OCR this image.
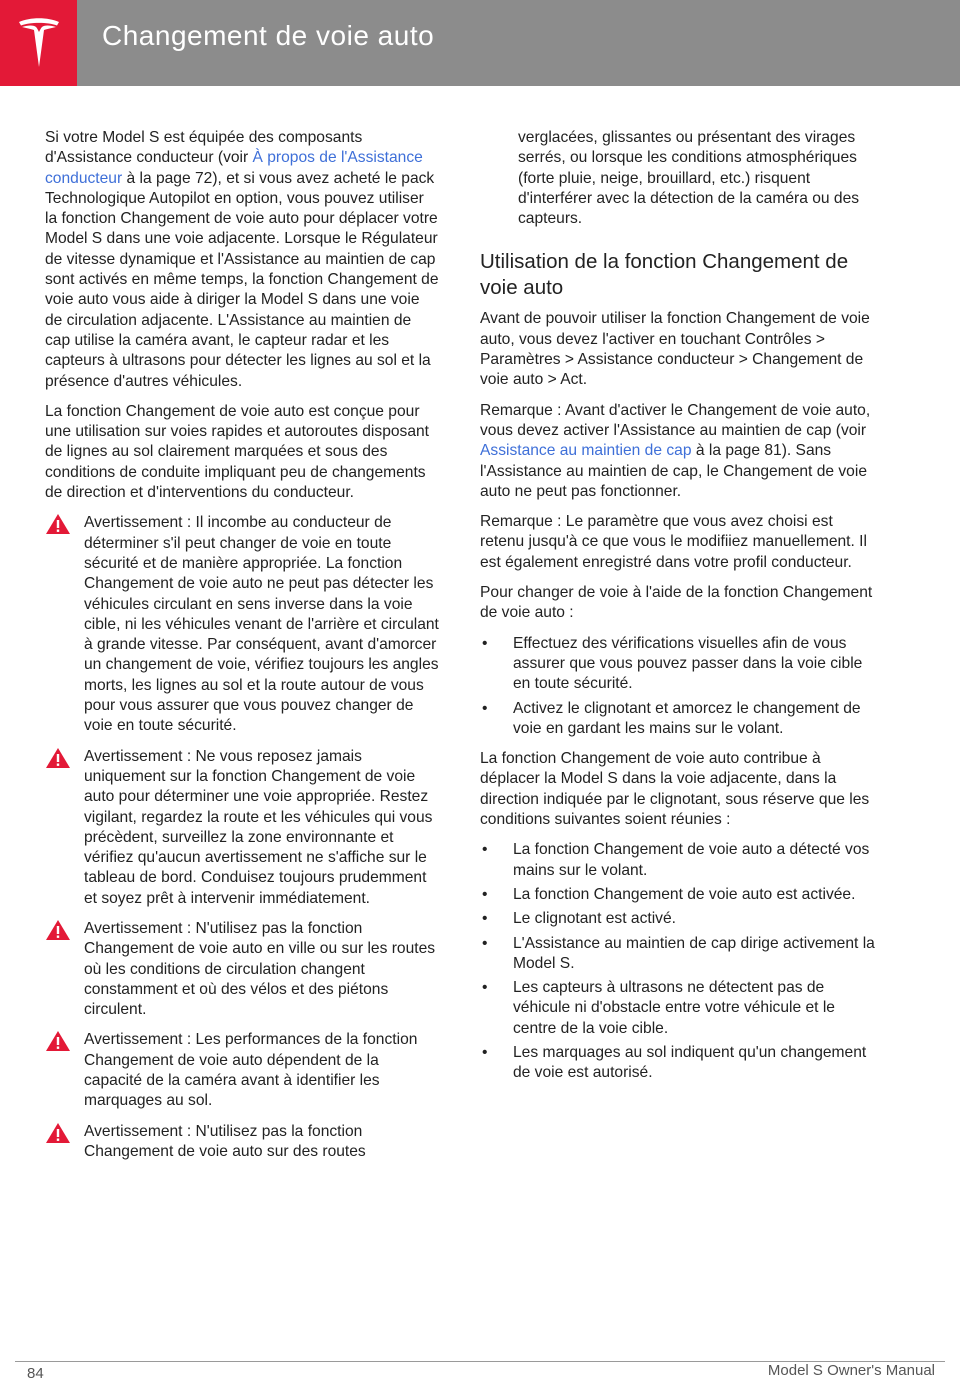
Changement de voie auto

Si votre Model S est équipée des composants d'Assistance conducteur (voir À propos de l'Assistance conducteur à la page 72), et si vous avez acheté le pack Technologique Autopilot en option, vous pouvez utiliser la fonction Changement de voie auto pour déplacer votre Model S dans une voie adjacente. Lorsque le Régulateur de vitesse dynamique et l'Assistance au maintien de cap sont activés en même temps, la fonction Changement de voie auto vous aide à diriger la Model S dans une voie de circulation adjacente. L'Assistance au maintien de cap utilise la caméra avant, le capteur radar et les capteurs à ultrasons pour détecter les lignes au sol et la présence d'autres véhicules.

La fonction Changement de voie auto est conçue pour une utilisation sur voies rapides et autoroutes disposant de lignes au sol clairement marquées et sous des conditions de conduite impliquant peu de changements de direction et d'interventions du conducteur.

Avertissement : Il incombe au conducteur de déterminer s'il peut changer de voie en toute sécurité et de manière appropriée. La fonction Changement de voie auto ne peut pas détecter les véhicules circulant en sens inverse dans la voie cible, ni les véhicules venant de l'arrière et circulant à grande vitesse. Par conséquent, avant d'amorcer un changement de voie, vérifiez toujours les angles morts, les lignes au sol et la route autour de vous pour vous assurer que vous pouvez changer de voie en toute sécurité.
Avertissement : Ne vous reposez jamais uniquement sur la fonction Changement de voie auto pour déterminer une voie appropriée. Restez vigilant, regardez la route et les véhicules qui vous précèdent, surveillez la zone environnante et vérifiez qu'aucun avertissement ne s'affiche sur le tableau de bord. Conduisez toujours prudemment et soyez prêt à intervenir immédiatement.
Avertissement : N'utilisez pas la fonction Changement de voie auto en ville ou sur les routes où les conditions de circulation changent constamment et où des vélos et des piétons circulent.
Avertissement : Les performances de la fonction Changement de voie auto dépendent de la capacité de la caméra avant à identifier les marquages au sol.
Avertissement : N'utilisez pas la fonction Changement de voie auto sur des routes

verglacées, glissantes ou présentant des virages serrés, ou lorsque les conditions atmosphériques (forte pluie, neige, brouillard, etc.) risquent d'interférer avec la détection de la caméra ou des capteurs.

Utilisation de la fonction Changement de voie auto

Avant de pouvoir utiliser la fonction Changement de voie auto, vous devez l'activer en touchant Contrôles > Paramètres > Assistance conducteur > Changement de voie auto > Act.

Remarque : Avant d'activer le Changement de voie auto, vous devez activer l'Assistance au maintien de cap (voir Assistance au maintien de cap à la page 81). Sans l'Assistance au maintien de cap, le Changement de voie auto ne peut pas fonctionner.

Remarque : Le paramètre que vous avez choisi est retenu jusqu'à ce que vous le modifiiez manuellement. Il est également enregistré dans votre profil conducteur.

Pour changer de voie à l'aide de la fonction Changement de voie auto :

• Effectuez des vérifications visuelles afin de vous assurer que vous pouvez passer dans la voie cible en toute sécurité.
• Activez le clignotant et amorcez le changement de voie en gardant les mains sur le volant.

La fonction Changement de voie auto contribue à déplacer la Model S dans la voie adjacente, dans la direction indiquée par le clignotant, sous réserve que les conditions suivantes soient réunies :

• La fonction Changement de voie auto a détecté vos mains sur le volant.
• La fonction Changement de voie auto est activée.
• Le clignotant est activé.
• L'Assistance au maintien de cap dirige activement la Model S.
• Les capteurs à ultrasons ne détectent pas de véhicule ni d'obstacle entre votre véhicule et le centre de la voie cible.
• Les marquages au sol indiquent qu'un changement de voie est autorisé.
84	Model S Owner's Manual
